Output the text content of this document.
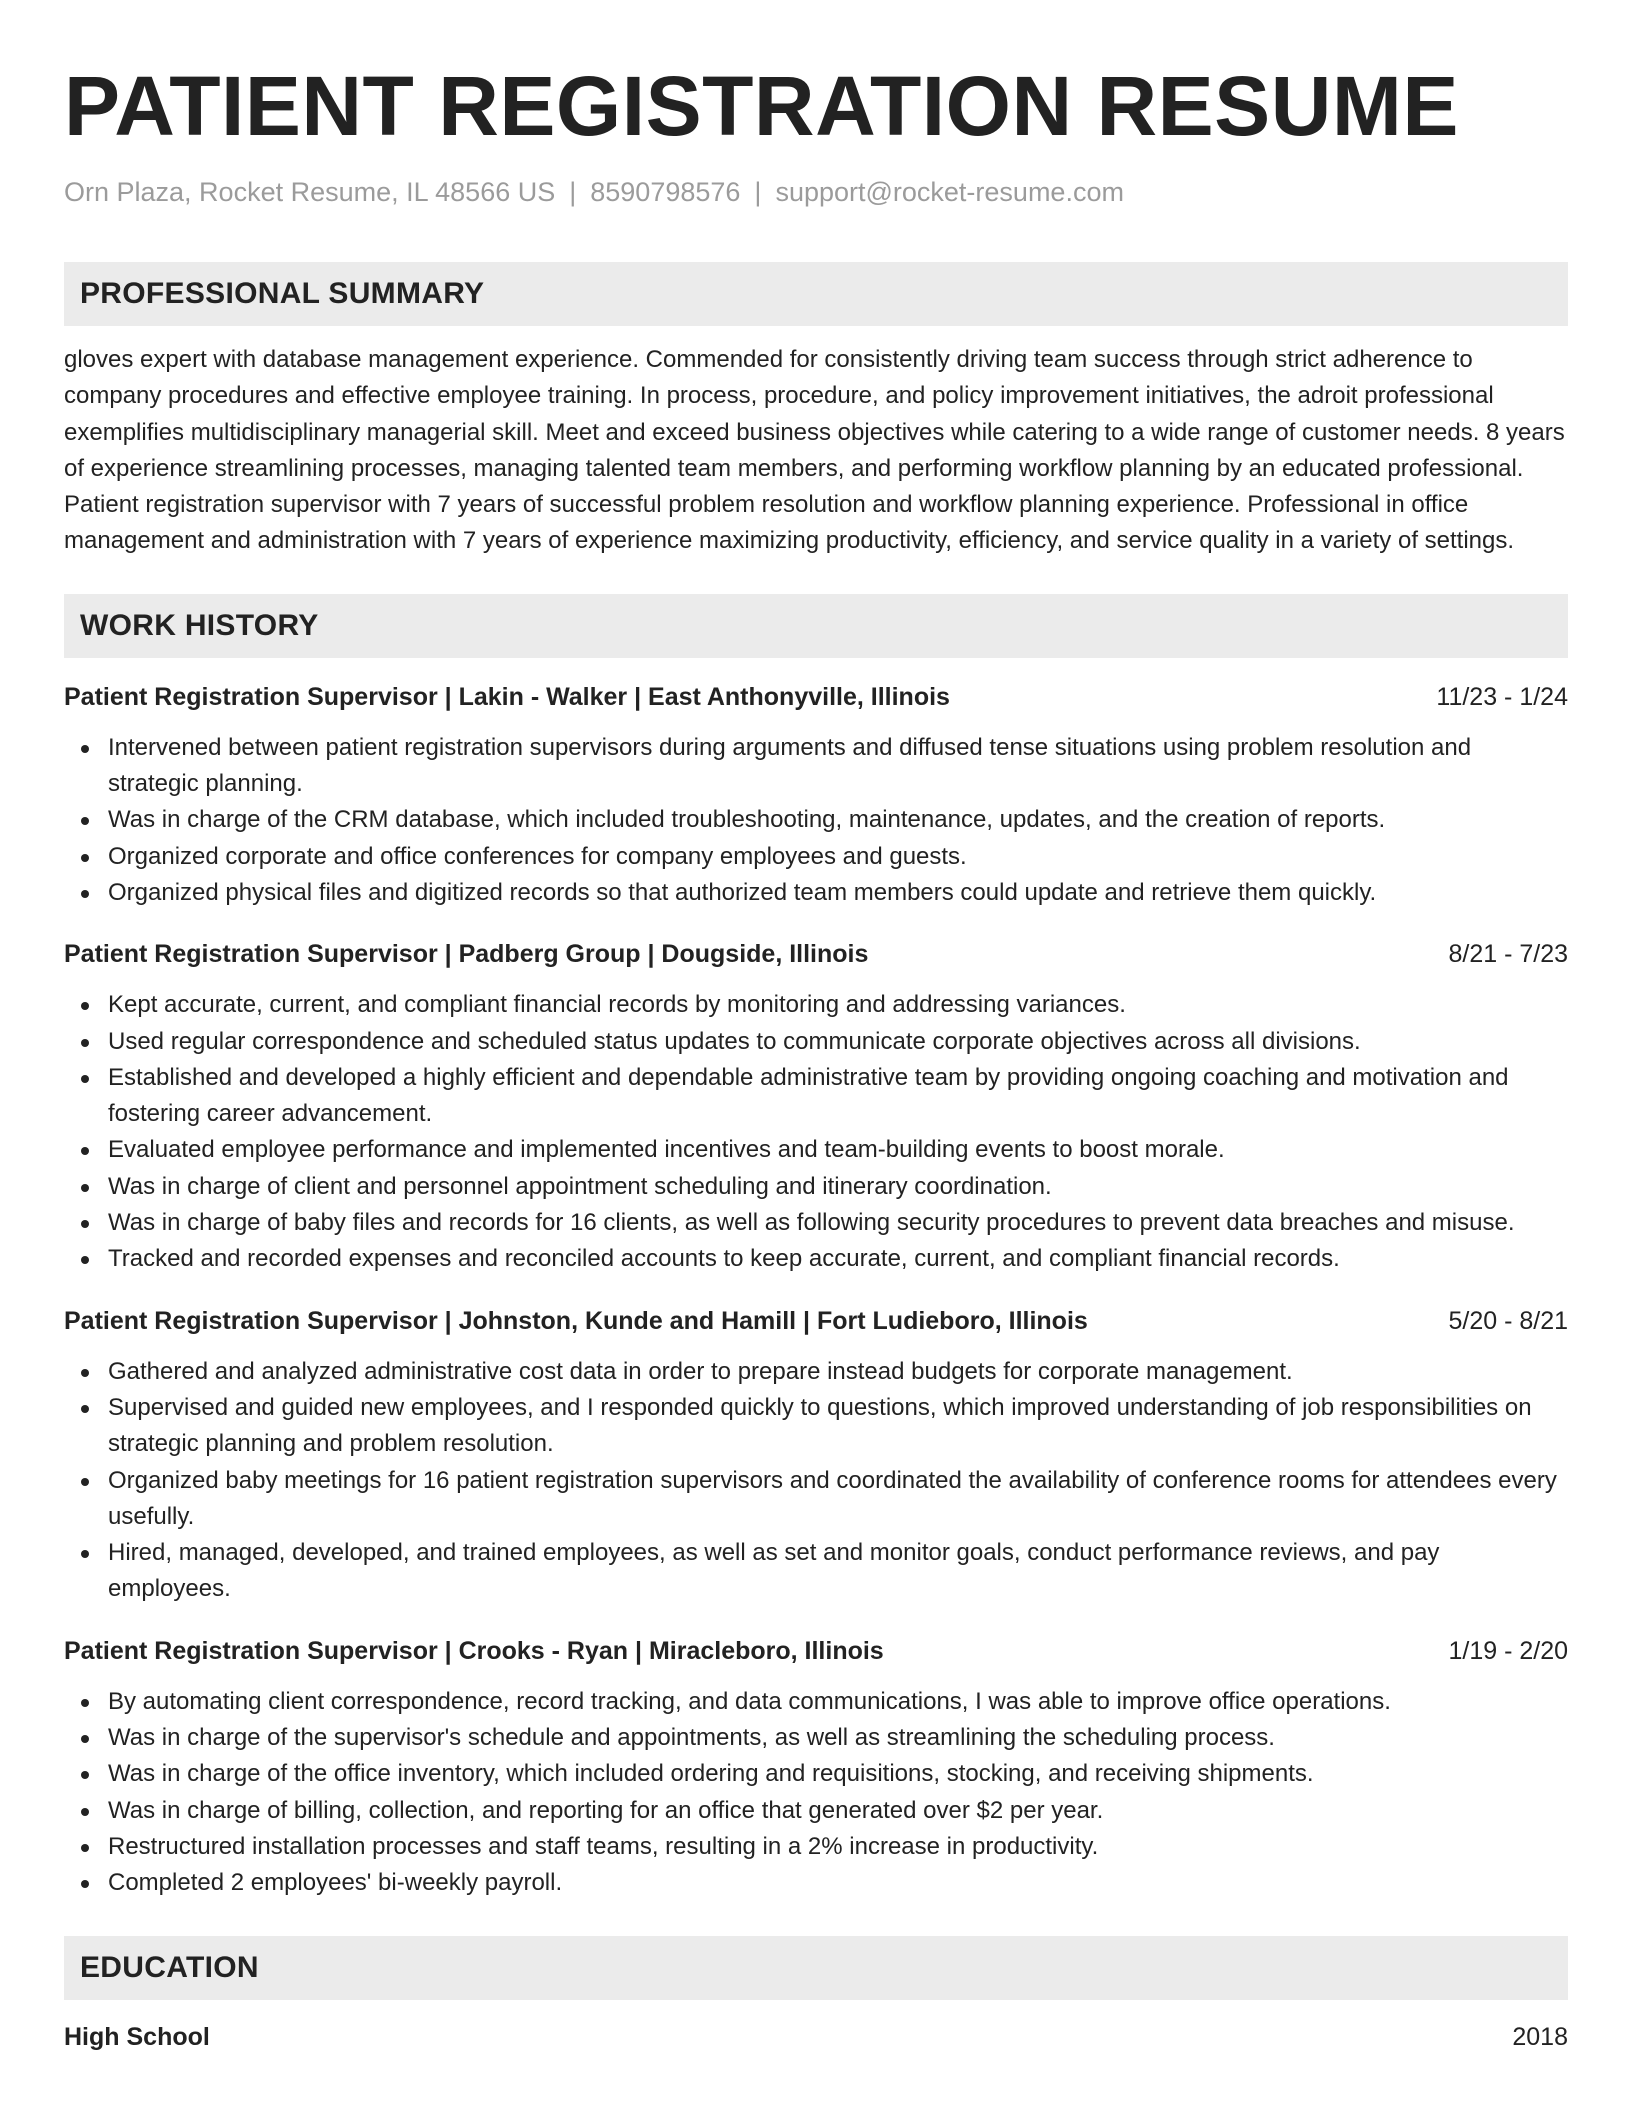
PATIENT REGISTRATION RESUME
Orn Plaza, Rocket Resume, IL 48566 US | 8590798576 | support@rocket-resume.com
PROFESSIONAL SUMMARY

gloves expert with database management experience. Commended for consistently driving team success through strict adherence to company procedures and effective employee training. In process, procedure, and policy improvement initiatives, the adroit professional exemplifies multidisciplinary managerial skill. Meet and exceed business objectives while catering to a wide range of customer needs. 8 years of experience streamlining processes, managing talented team members, and performing workflow planning by an educated professional. Patient registration supervisor with 7 years of successful problem resolution and workflow planning experience. Professional in office management and administration with 7 years of experience maximizing productivity, efficiency, and service quality in a variety of settings.

WORK HISTORY
Patient Registration Supervisor | Lakin - Walker | East Anthonyville, Illinois	11/23 - 1/24
Intervened between patient registration supervisors during arguments and diffused tense situations using problem resolution and strategic planning.
Was in charge of the CRM database, which included troubleshooting, maintenance, updates, and the creation of reports.
Organized corporate and office conferences for company employees and guests.
Organized physical files and digitized records so that authorized team members could update and retrieve them quickly.
Patient Registration Supervisor | Padberg Group | Dougside, Illinois	8/21 - 7/23
Kept accurate, current, and compliant financial records by monitoring and addressing variances.
Used regular correspondence and scheduled status updates to communicate corporate objectives across all divisions.
Established and developed a highly efficient and dependable administrative team by providing ongoing coaching and motivation and fostering career advancement.
Evaluated employee performance and implemented incentives and team-building events to boost morale.
Was in charge of client and personnel appointment scheduling and itinerary coordination.
Was in charge of baby files and records for 16 clients, as well as following security procedures to prevent data breaches and misuse.
Tracked and recorded expenses and reconciled accounts to keep accurate, current, and compliant financial records.
Patient Registration Supervisor | Johnston, Kunde and Hamill | Fort Ludieboro, Illinois	5/20 - 8/21
Gathered and analyzed administrative cost data in order to prepare instead budgets for corporate management.
Supervised and guided new employees, and I responded quickly to questions, which improved understanding of job responsibilities on strategic planning and problem resolution.
Organized baby meetings for 16 patient registration supervisors and coordinated the availability of conference rooms for attendees every usefully.
Hired, managed, developed, and trained employees, as well as set and monitor goals, conduct performance reviews, and pay employees.
Patient Registration Supervisor | Crooks - Ryan | Miracleboro, Illinois	1/19 - 2/20
By automating client correspondence, record tracking, and data communications, I was able to improve office operations.
Was in charge of the supervisor's schedule and appointments, as well as streamlining the scheduling process.
Was in charge of the office inventory, which included ordering and requisitions, stocking, and receiving shipments.
Was in charge of billing, collection, and reporting for an office that generated over $2 per year.
Restructured installation processes and staff teams, resulting in a 2% increase in productivity.
Completed 2 employees' bi-weekly payroll.
EDUCATION
High School	2018
